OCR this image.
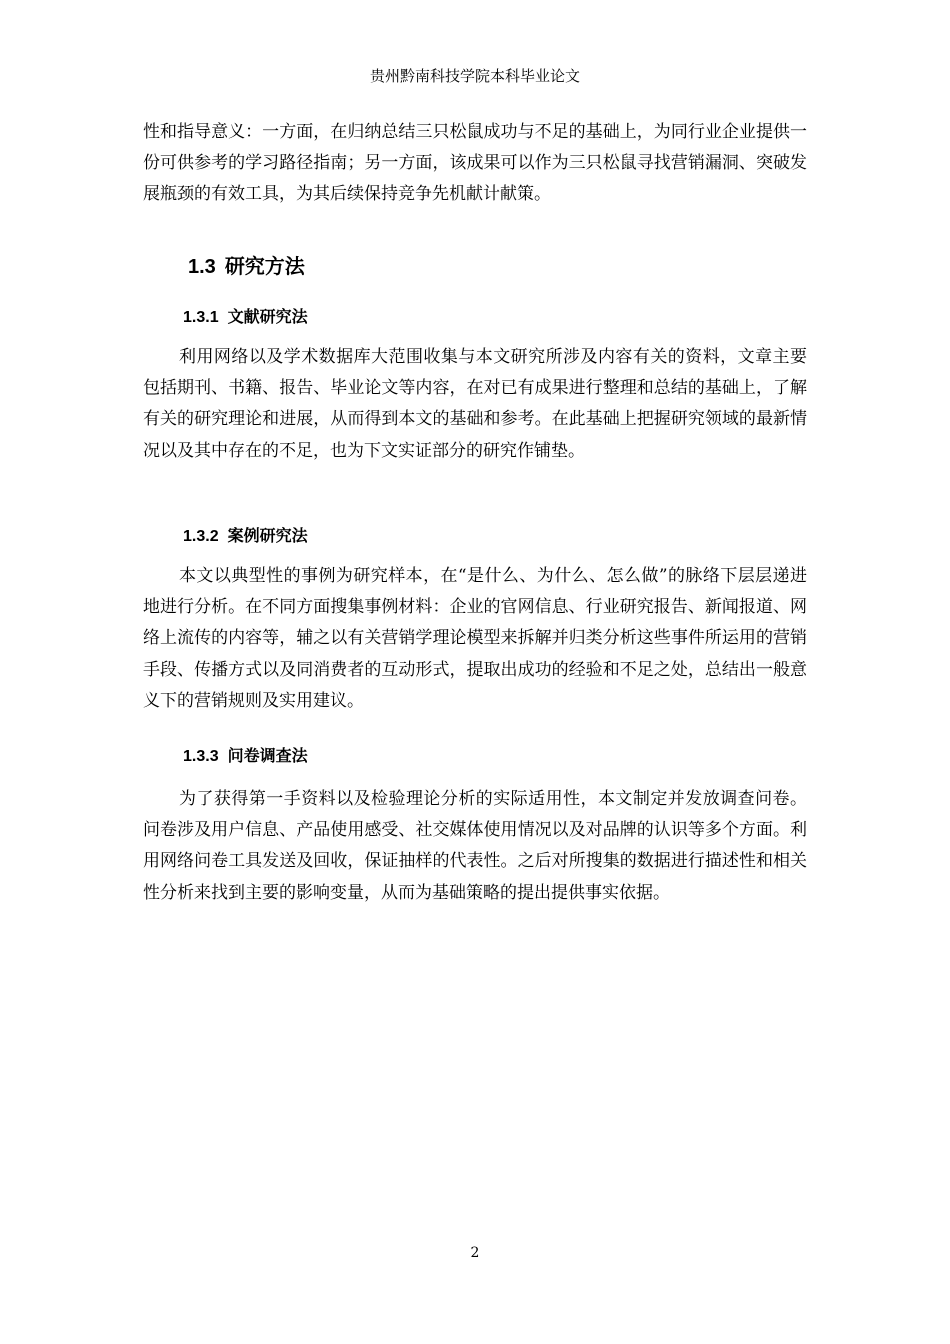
贵州黔南科技学院本科毕业论文

性和指导意义：一方面，在归纳总结三只松鼠成功与不足的基础上，为同行业企业提供一份可供参考的学习路径指南；另一方面，该成果可以作为三只松鼠寻找营销漏洞、突破发展瓶颈的有效工具，为其后续保持竞争先机献计献策。

1.3 研究方法
1.3.1 文献研究法

利用网络以及学术数据库大范围收集与本文研究所涉及内容有关的资料，文章主要包括期刊、书籍、报告、毕业论文等内容，在对已有成果进行整理和总结的基础上，了解有关的研究理论和进展，从而得到本文的基础和参考。在此基础上把握研究领域的最新情况以及其中存在的不足，也为下文实证部分的研究作铺垫。

1.3.2 案例研究法

本文以典型性的事例为研究样本，在“是什么、为什么、怎么做”的脉络下层层递进地进行分析。在不同方面搜集事例材料：企业的官网信息、行业研究报告、新闻报道、网络上流传的内容等，辅之以有关营销学理论模型来拆解并归类分析这些事件所运用的营销手段、传播方式以及同消费者的互动形式，提取出成功的经验和不足之处，总结出一般意义下的营销规则及实用建议。

1.3.3 问卷调查法

为了获得第一手资料以及检验理论分析的实际适用性，本文制定并发放调查问卷。问卷涉及用户信息、产品使用感受、社交媒体使用情况以及对品牌的认识等多个方面。利用网络问卷工具发送及回收，保证抽样的代表性。之后对所搜集的数据进行描述性和相关性分析来找到主要的影响变量，从而为基础策略的提出提供事实依据。

2
